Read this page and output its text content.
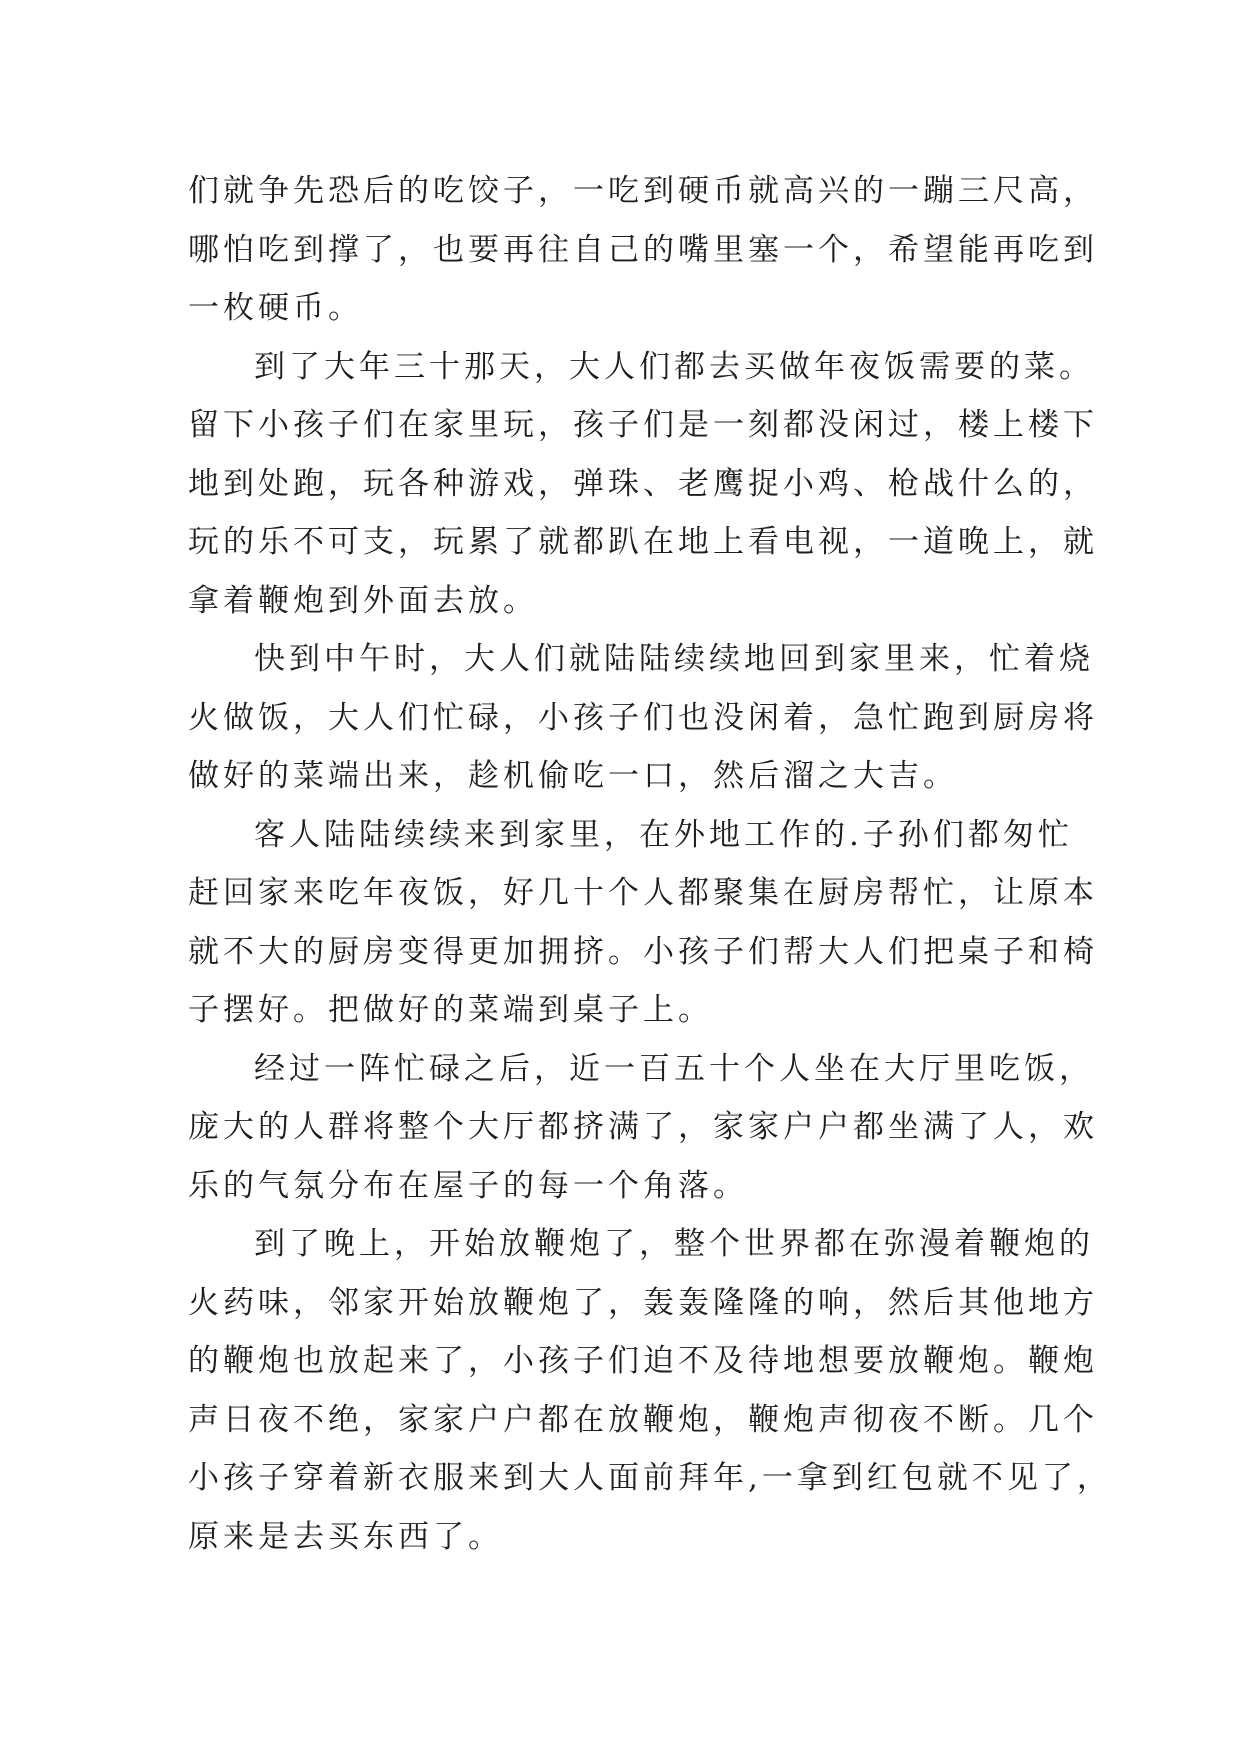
们就争先恐后的吃饺子，一吃到硬币就高兴的一蹦三尺高，
哪怕吃到撑了，也要再往自己的嘴里塞一个，希望能再吃到
一枚硬币。
到了大年三十那天，大人们都去买做年夜饭需要的菜。
留下小孩子们在家里玩，孩子们是一刻都没闲过，楼上楼下
地到处跑，玩各种游戏，弹珠、老鹰捉小鸡、枪战什么的，
玩的乐不可支，玩累了就都趴在地上看电视，一道晚上，就
拿着鞭炮到外面去放。
快到中午时，大人们就陆陆续续地回到家里来，忙着烧
火做饭，大人们忙碌，小孩子们也没闲着，急忙跑到厨房将
做好的菜端出来，趁机偷吃一口，然后溜之大吉。
客人陆陆续续来到家里，在外地工作的.子孙们都匆忙
赶回家来吃年夜饭，好几十个人都聚集在厨房帮忙，让原本
就不大的厨房变得更加拥挤。小孩子们帮大人们把桌子和椅
子摆好。把做好的菜端到桌子上。
经过一阵忙碌之后，近一百五十个人坐在大厅里吃饭，
庞大的人群将整个大厅都挤满了，家家户户都坐满了人，欢
乐的气氛分布在屋子的每一个角落。
到了晚上，开始放鞭炮了，整个世界都在弥漫着鞭炮的
火药味，邻家开始放鞭炮了，轰轰隆隆的响，然后其他地方
的鞭炮也放起来了，小孩子们迫不及待地想要放鞭炮。鞭炮
声日夜不绝，家家户户都在放鞭炮，鞭炮声彻夜不断。几个
小孩子穿着新衣服来到大人面前拜年,一拿到红包就不见了，
原来是去买东西了。
